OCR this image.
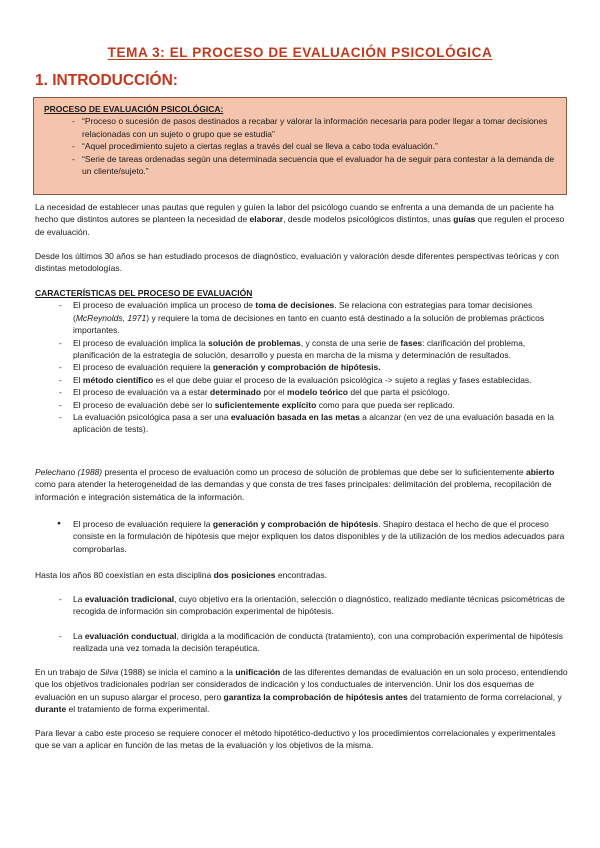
TEMA 3: EL PROCESO DE EVALUACIÓN PSICOLÓGICA
1. INTRODUCCIÓN:
PROCESO DE EVALUACIÓN PSICOLÓGICA:
- “Proceso o sucesión de pasos destinados a recabar y valorar la información necesaria para poder llegar a tomar decisiones relacionadas con un sujeto o grupo que se estudia”
- “Aquel procedimiento sujeto a ciertas reglas a través del cual se lleva a cabo toda evaluación.”
- “Serie de tareas ordenadas según una determinada secuencia que el evaluador ha de seguir para contestar a la demanda de un cliente/sujeto.”

La necesidad de establecer unas pautas que regulen y guíen la labor del psicólogo cuando se enfrenta a una demanda de un paciente ha hecho que distintos autores se planteen la necesidad de elaborar, desde modelos psicológicos distintos, unas guías que regulen el proceso de evaluación.

Desde los últimos 30 años se han estudiado procesos de diagnóstico, evaluación y valoración desde diferentes perspectivas teóricas y con distintas metodologías.

CARACTERÍSTICAS DEL PROCESO DE EVALUACIÓN
- El proceso de evaluación implica un proceso de toma de decisiones. Se relaciona con estrategias para tomar decisiones (McReynolds, 1971) y requiere la toma de decisiones en tanto en cuanto está destinado a la solución de problemas prácticos importantes.
- El proceso de evaluación implica la solución de problemas, y consta de una serie de fases: clarificación del problema, planificación de la estrategia de solución, desarrollo y puesta en marcha de la misma y determinación de resultados.
- El proceso de evaluación requiere la generación y comprobación de hipótesis.
- El método científico es el que debe guiar el proceso de la evaluación psicológica -> sujeto a reglas y fases establecidas.
- El proceso de evaluación va a estar determinado por el modelo teórico del que parta el psicólogo.
- El proceso de evaluación debe ser lo suficientemente explícito como para que pueda ser replicado.
- La evaluación psicológica pasa a ser una evaluación basada en las metas a alcanzar (en vez de una evaluación basada en la aplicación de tests).

Pelechano (1988) presenta el proceso de evaluación como un proceso de solución de problemas que debe ser lo suficientemente abierto como para atender la heterogeneidad de las demandas y que consta de tres fases principales: delimitación del problema, recopilación de información e integración sistemática de la información.

● El proceso de evaluación requiere la generación y comprobación de hipótesis. Shapiro destaca el hecho de que el proceso consiste en la formulación de hipótesis que mejor expliquen los datos disponibles y de la utilización de los medios adecuados para comprobarlas.

Hasta los años 80 coexistían en esta disciplina dos posiciones encontradas.

- La evaluación tradicional, cuyo objetivo era la orientación, selección o diagnóstico, realizado mediante técnicas psicométricas de recogida de información sin comprobación experimental de hipótesis.
- La evaluación conductual, dirigida a la modificación de conducta (tratamiento), con una comprobación experimental de hipótesis realizada una vez tomada la decisión terapéutica.

En un trabajo de Silva (1988) se inicia el camino a la unificación de las diferentes demandas de evaluación en un solo proceso, entendiendo que los objetivos tradicionales podrían ser considerados de indicación y los conductuales de intervención. Unir los dos esquemas de evaluación en un supuso alargar el proceso, pero garantiza la comprobación de hipótesis antes del tratamiento de forma correlacional, y durante el tratamiento de forma experimental.

Para llevar a cabo este proceso se requiere conocer el método hipotético-deductivo y los procedimientos correlacionales y experimentales que se van a aplicar en función de las metas de la evaluación y los objetivos de la misma.
